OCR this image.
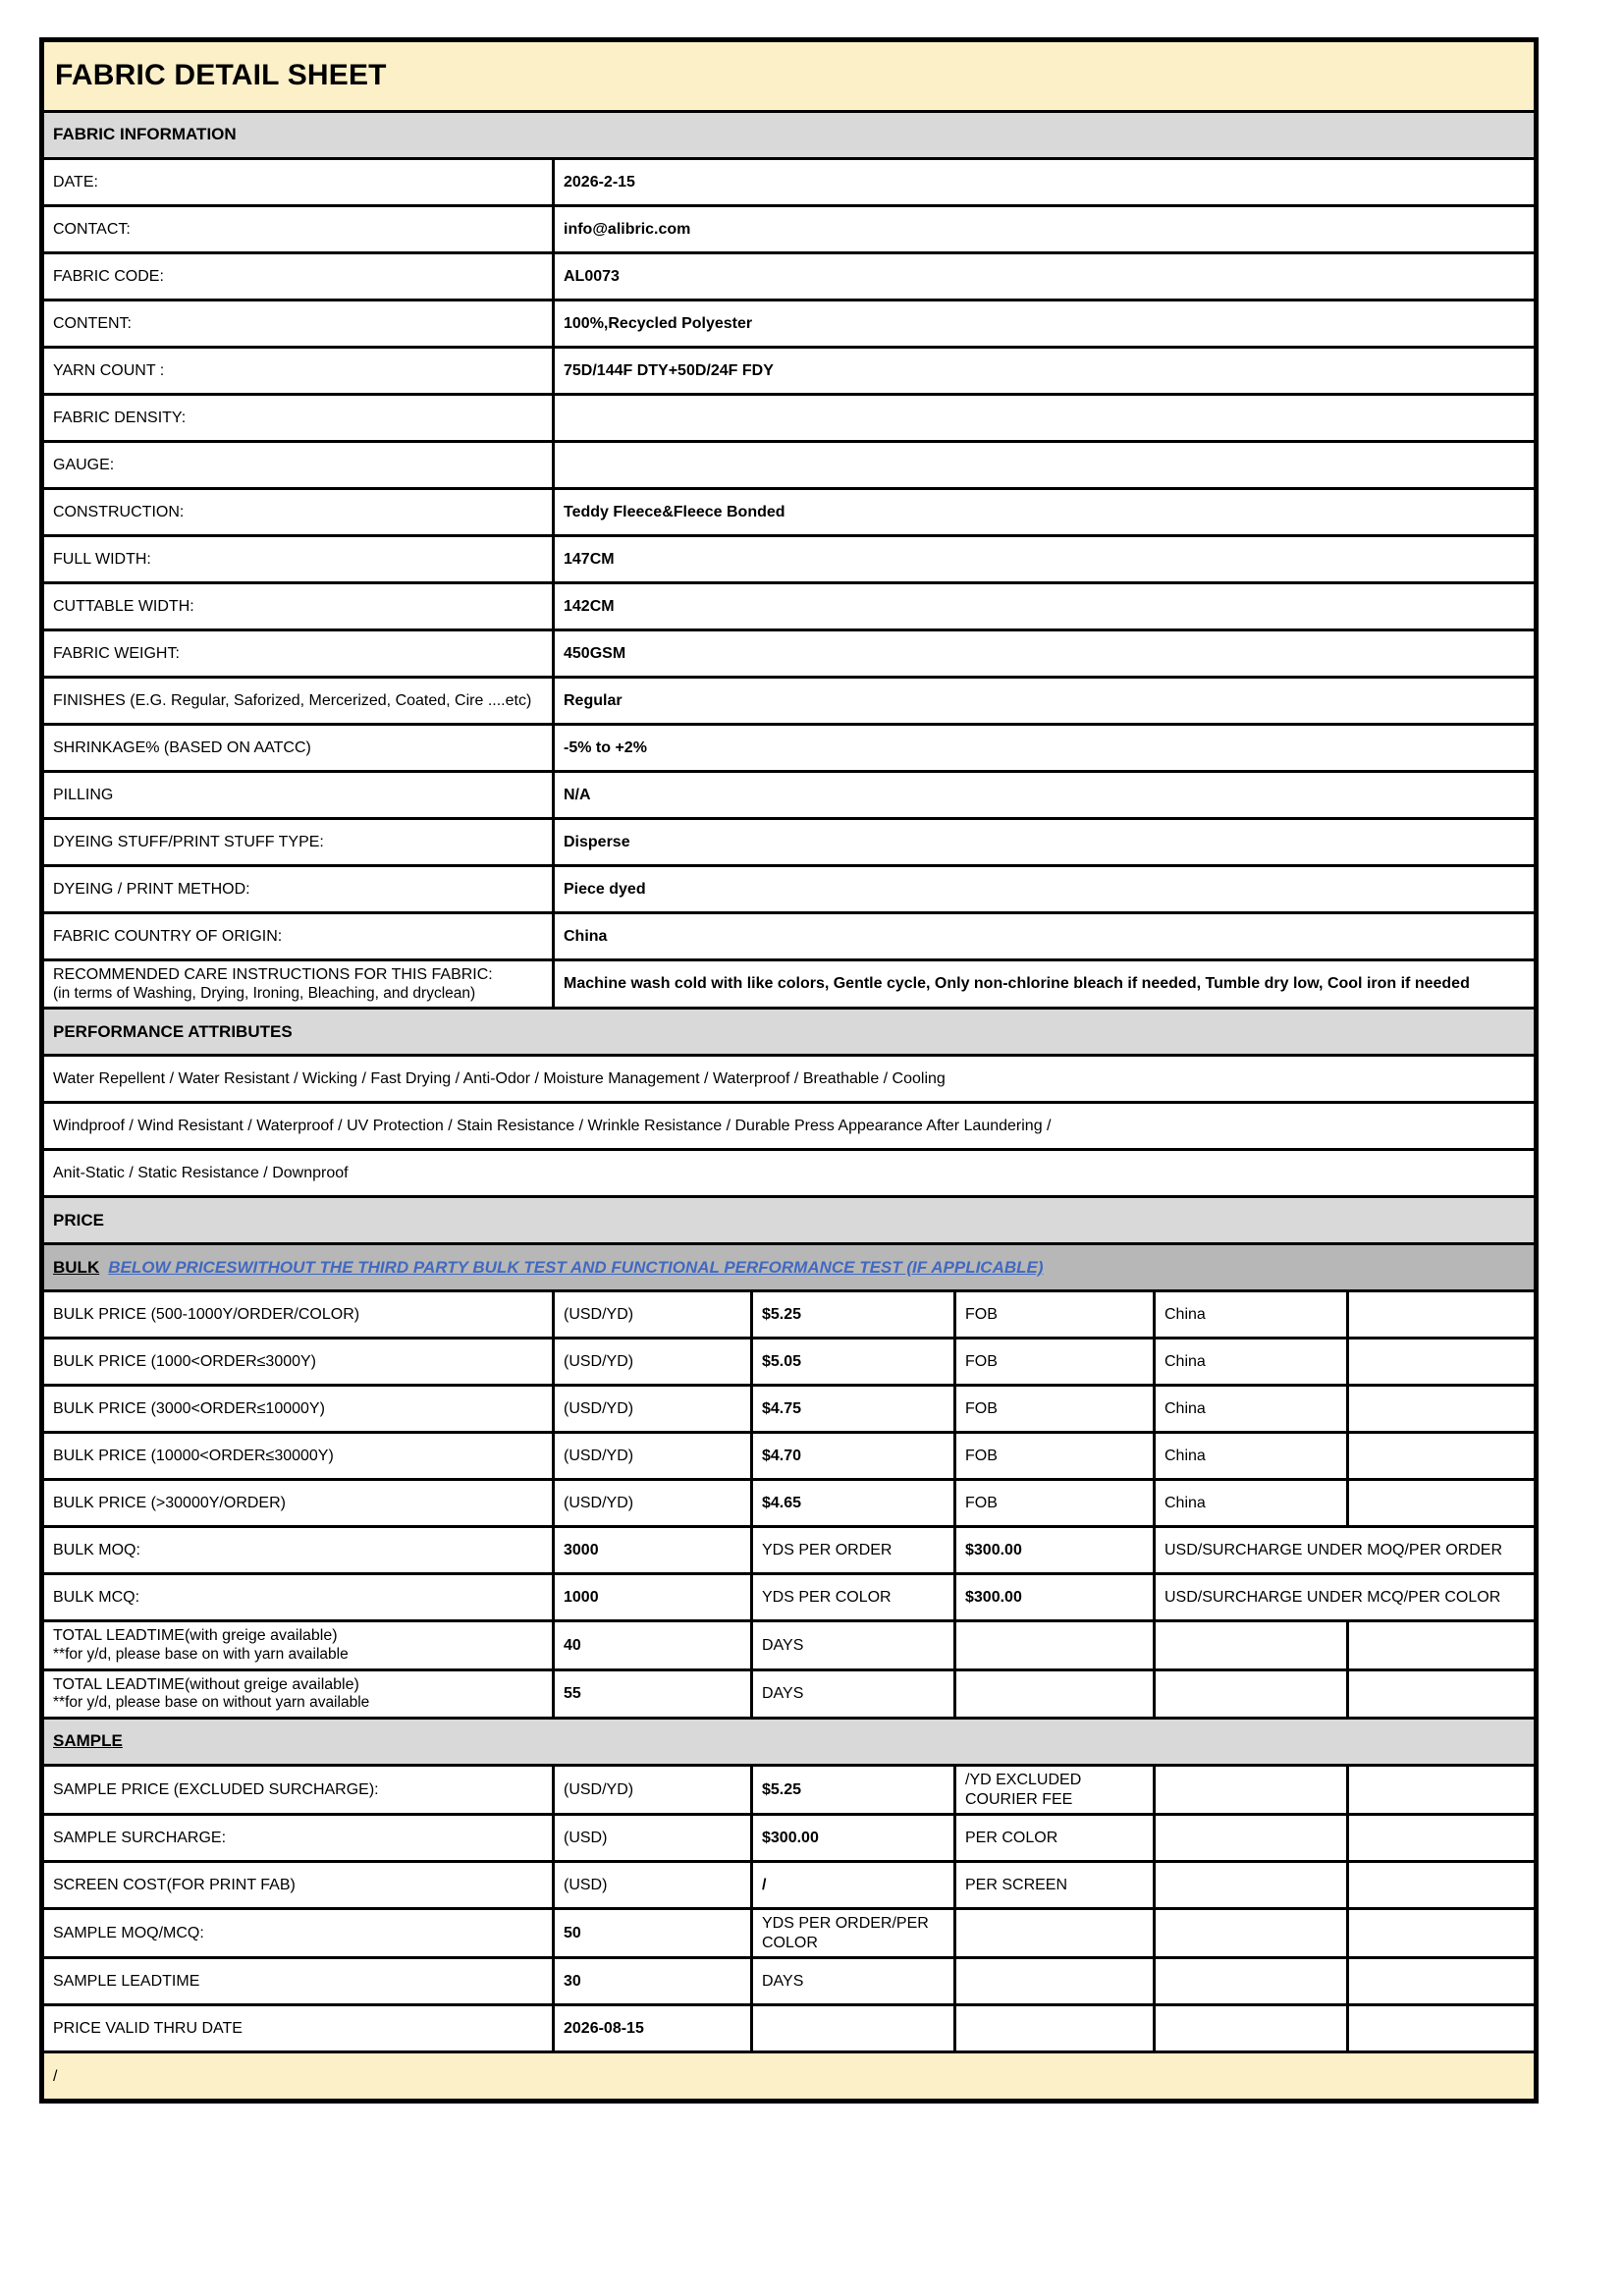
FABRIC DETAIL SHEET
FABRIC INFORMATION
DATE:	2026-2-15
CONTACT:	info@alibric.com
FABRIC CODE:	AL0073
CONTENT:	100%,Recycled Polyester
YARN COUNT :	75D/144F DTY+50D/24F FDY
FABRIC DENSITY:
GAUGE:
CONSTRUCTION:	Teddy Fleece&Fleece Bonded
FULL WIDTH:	147CM
CUTTABLE WIDTH:	142CM
FABRIC WEIGHT:	450GSM
FINISHES (E.G. Regular, Saforized, Mercerized, Coated, Cire ....etc)	Regular
SHRINKAGE% (BASED ON AATCC)	-5% to +2%
PILLING	N/A
DYEING STUFF/PRINT STUFF TYPE:	Disperse
DYEING / PRINT METHOD:	Piece dyed
FABRIC COUNTRY OF ORIGIN:	China
RECOMMENDED CARE INSTRUCTIONS FOR THIS FABRIC:
(in terms of Washing, Drying, Ironing, Bleaching, and dryclean)
Machine wash cold with like colors, Gentle cycle, Only non-chlorine bleach if needed, Tumble dry low, Cool iron if needed
PERFORMANCE ATTRIBUTES
Water Repellent / Water Resistant / Wicking / Fast Drying / Anti-Odor / Moisture Management / Waterproof / Breathable / Cooling
Windproof / Wind Resistant / Waterproof / UV Protection / Stain Resistance / Wrinkle Resistance / Durable Press Appearance After Laundering /
Anit-Static / Static Resistance / Downproof
PRICE
BULK BELOW PRICESWITHOUT THE THIRD PARTY BULK TEST AND FUNCTIONAL PERFORMANCE TEST (IF APPLICABLE)
BULK PRICE (500-1000Y/ORDER/COLOR)	(USD/YD)	$5.25	FOB	China
BULK PRICE (1000<ORDER≤3000Y)	(USD/YD)	$5.05	FOB	China
BULK PRICE (3000<ORDER≤10000Y)	(USD/YD)	$4.75	FOB	China
BULK PRICE (10000<ORDER≤30000Y)	(USD/YD)	$4.70	FOB	China
BULK PRICE (>30000Y/ORDER)	(USD/YD)	$4.65	FOB	China
BULK MOQ:	3000	YDS PER ORDER	$300.00	USD/SURCHARGE UNDER MOQ/PER ORDER
BULK MCQ:	1000	YDS PER COLOR	$300.00	USD/SURCHARGE UNDER MCQ/PER COLOR
TOTAL LEADTIME(with greige available)
**for y/d, please base on with yarn available
40	DAYS
TOTAL LEADTIME(without greige available)
**for y/d, please base on without yarn available
55	DAYS
SAMPLE
SAMPLE PRICE (EXCLUDED SURCHARGE):	(USD/YD)	$5.25
/YD EXCLUDED COURIER FEE
SAMPLE SURCHARGE:	(USD)	$300.00	PER COLOR
SCREEN COST(FOR PRINT FAB)	(USD)	/	PER SCREEN
SAMPLE MOQ/MCQ:	50
YDS PER ORDER/PER COLOR
SAMPLE LEADTIME	30	DAYS
PRICE VALID THRU DATE	2026-08-15
/
